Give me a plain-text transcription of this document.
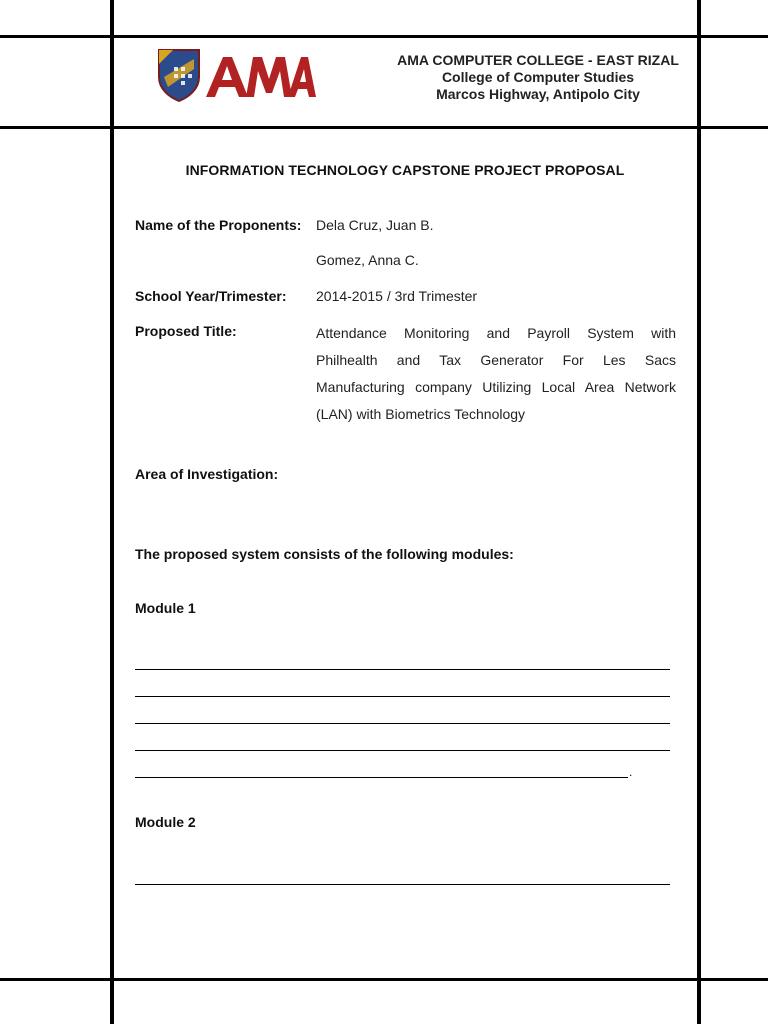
AMA COMPUTER COLLEGE - EAST RIZAL
College of Computer Studies
Marcos Highway, Antipolo City
INFORMATION TECHNOLOGY CAPSTONE PROJECT PROPOSAL
Name of the Proponents: Dela Cruz, Juan B.
Gomez, Anna C.
School Year/Trimester: 2014-2015 / 3rd Trimester
Proposed Title:	Attendance Monitoring and Payroll System with
Philhealth and Tax Generator For Les Sacs
Manufacturing company Utilizing Local Area Network
(LAN) with Biometrics Technology
Area of Investigation:
The proposed system consists of the following modules:
Module 1
.
Module 2
